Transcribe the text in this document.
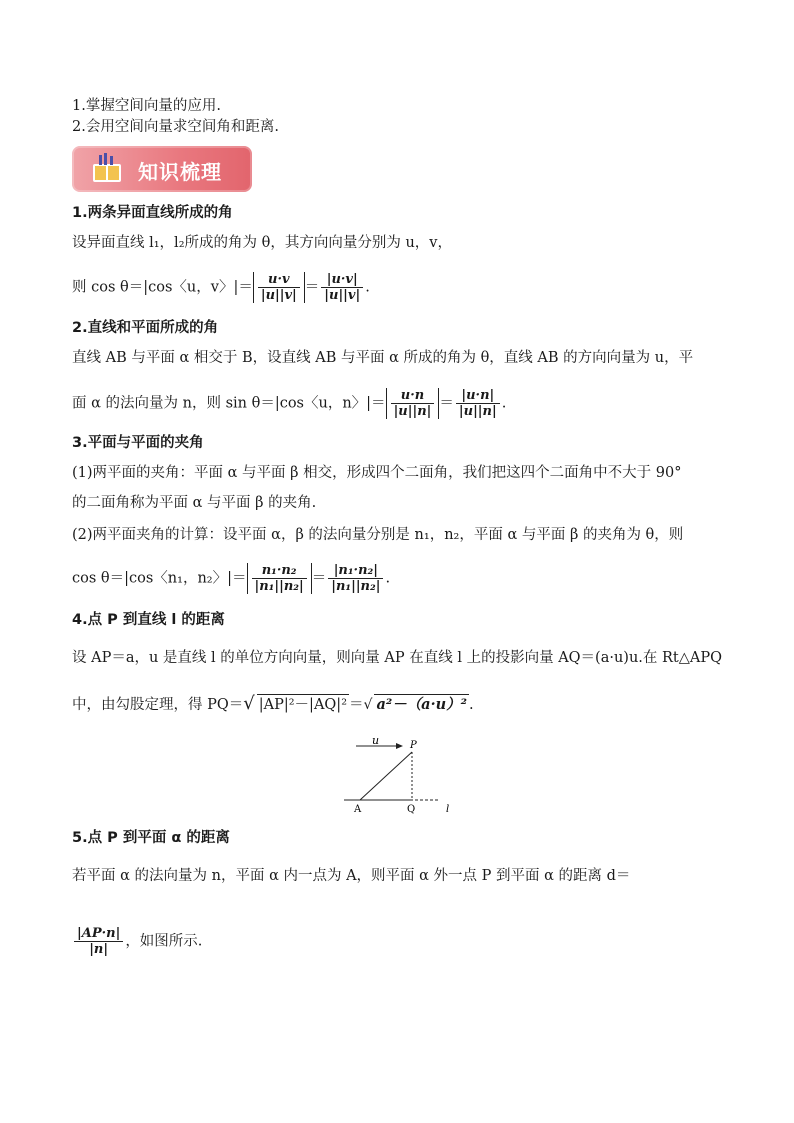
1.掌握空间向量的应用.
2.会用空间向量求空间角和距离.
知识梳理
1.两条异面直线所成的角
设异面直线 l₁，l₂所成的角为 θ，其方向向量分别为 u，v，
则 cos θ＝|cos〈u，v〉|＝ $\frac{u\cdot v}{|u||v|} = \frac{|u\cdot v|}{|u||v|}$ .
2.直线和平面所成的角
直线 AB 与平面 α 相交于 B，设直线 AB 与平面 α 所成的角为 θ，直线 AB 的方向向量为 u，平
面 α 的法向量为 n，则 sin θ＝|cos〈u，n〉|＝ $\frac{u\cdot n}{|u||n|} = \frac{|u\cdot n|}{|u||n|}$ .
3.平面与平面的夹角
(1)两平面的夹角：平面 α 与平面 β 相交，形成四个二面角，我们把这四个二面角中不大于 90°
的二面角称为平面 α 与平面 β 的夹角.
(2)两平面夹角的计算：设平面 α，β 的法向量分别是 n₁，n₂，平面 α 与平面 β 的夹角为 θ，则
cos θ＝|cos〈n₁，n₂〉|＝ $\frac{\text{n₁·n₂}}{\text{|n₁||n₂|}} = \frac{\text{|n₁·n₂|}}{\text{|n₁||n₂|}}$ .
4.点 P 到直线 l 的距离
设 AP＝a，u 是直线 l 的单位方向向量，则向量 AP 在直线 l 上的投影向量 AQ＝(a·u)u.在 Rt△APQ
中，由勾股定理，得 PQ＝√ |AP|²－|AQ|² ＝√ a²－（a·u）² .
u	P
A	Q	l
5.点 P 到平面 α 的距离
若平面 α 的法向量为 n，平面 α 内一点为 A，则平面 α 外一点 P 到平面 α 的距离 d＝
$\frac{|AP\cdot n|}{|n|}$ ，如图所示.
